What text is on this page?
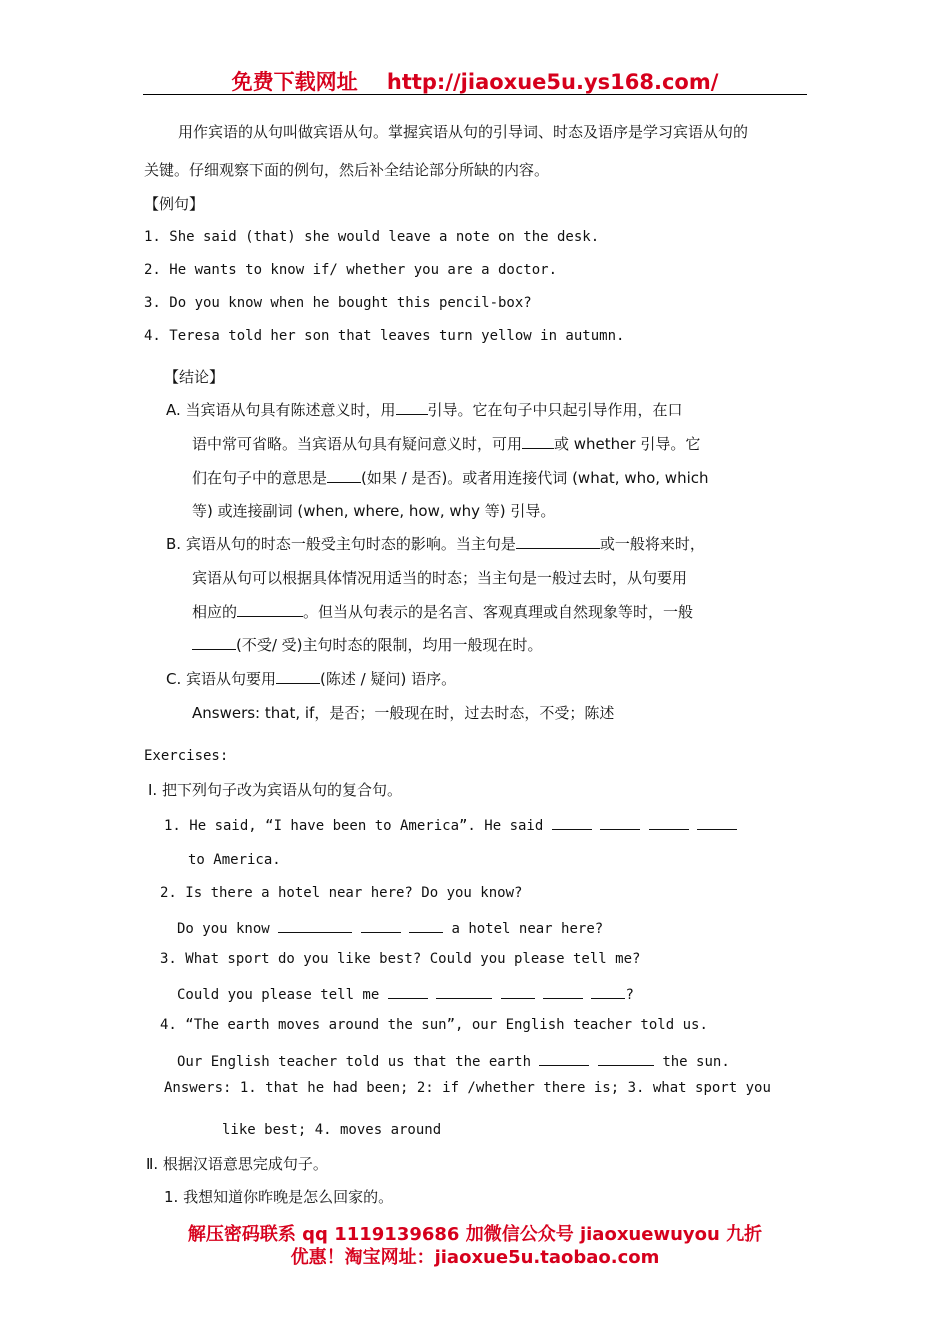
免费下载网址 http://jiaoxue5u.ys168.com/
用作宾语的从句叫做宾语从句。掌握宾语从句的引导词、时态及语序是学习宾语从句的
关键。仔细观察下面的例句，然后补全结论部分所缺的内容。
【例句】
1. She said (that) she would leave a note on the desk.
2. He wants to know if/ whether you are a doctor.
3. Do you know when he bought this pencil-box?
4. Teresa told her son that leaves turn yellow in autumn.
【结论】
A. 当宾语从句具有陈述意义时，用 引导。它在句子中只起引导作用，在口
语中常可省略。当宾语从句具有疑问意义时，可用 或 whether 引导。它
们在句子中的意思是 (如果 / 是否)。或者用连接代词 (what, who, which
等) 或连接副词 (when, where, how, why 等) 引导。
B. 宾语从句的时态一般受主句时态的影响。当主句是	或一般将来时，
宾语从句可以根据具体情况用适当的时态；当主句是一般过去时，从句要用
相应的	。但当从句表示的是名言、客观真理或自然现象等时，一般
(不受/ 受)主句时态的限制，均用一般现在时。
C. 宾语从句要用	(陈述 / 疑问) 语序。
Answers: that, if，是否；一般现在时，过去时态，不受；陈述
Exercises:
Ⅰ. 把下列句子改为宾语从句的复合句。
1. He said, “I have been to America”. He said
to America.
2. Is there a hotel near here? Do you know?
Do you know	a hotel near here?
3. What sport do you like best? Could you please tell me?
Could you please tell me	?
4. “The earth moves around the sun”, our English teacher told us.
Our English teacher told us that the earth	the sun.
Answers: 1. that he had been; 2: if /whether there is; 3. what sport you
like best; 4. moves around
Ⅱ. 根据汉语意思完成句子。
1. 我想知道你昨晚是怎么回家的。
解压密码联系 qq 1119139686 加微信公众号 jiaoxuewuyou 九折
优惠！淘宝网址：jiaoxue5u.taobao.com
